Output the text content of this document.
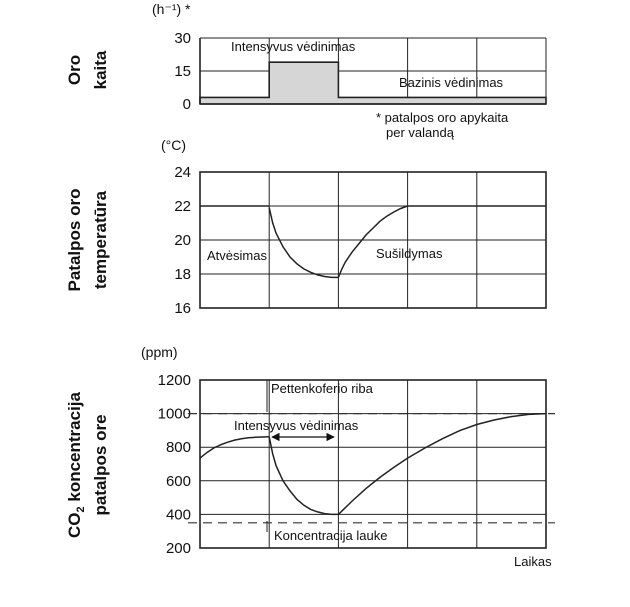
Oro kaita
(h⁻¹) *
0
15
30	Intensyvus vėdinimas
Bazinis vėdinimas
* patalpos oro apykaita
per valandą
Patalpos oro temperatūra
(°C)
16
18
20
22
24
Atvėsimas	Sušildymas
$CO_2$ koncentracija patalpos ore
(ppm)
200
400
600
800
1000
1200	Pettenkoferio riba
Intensyvus vėdinimas
Koncentracija lauke
Laikas
